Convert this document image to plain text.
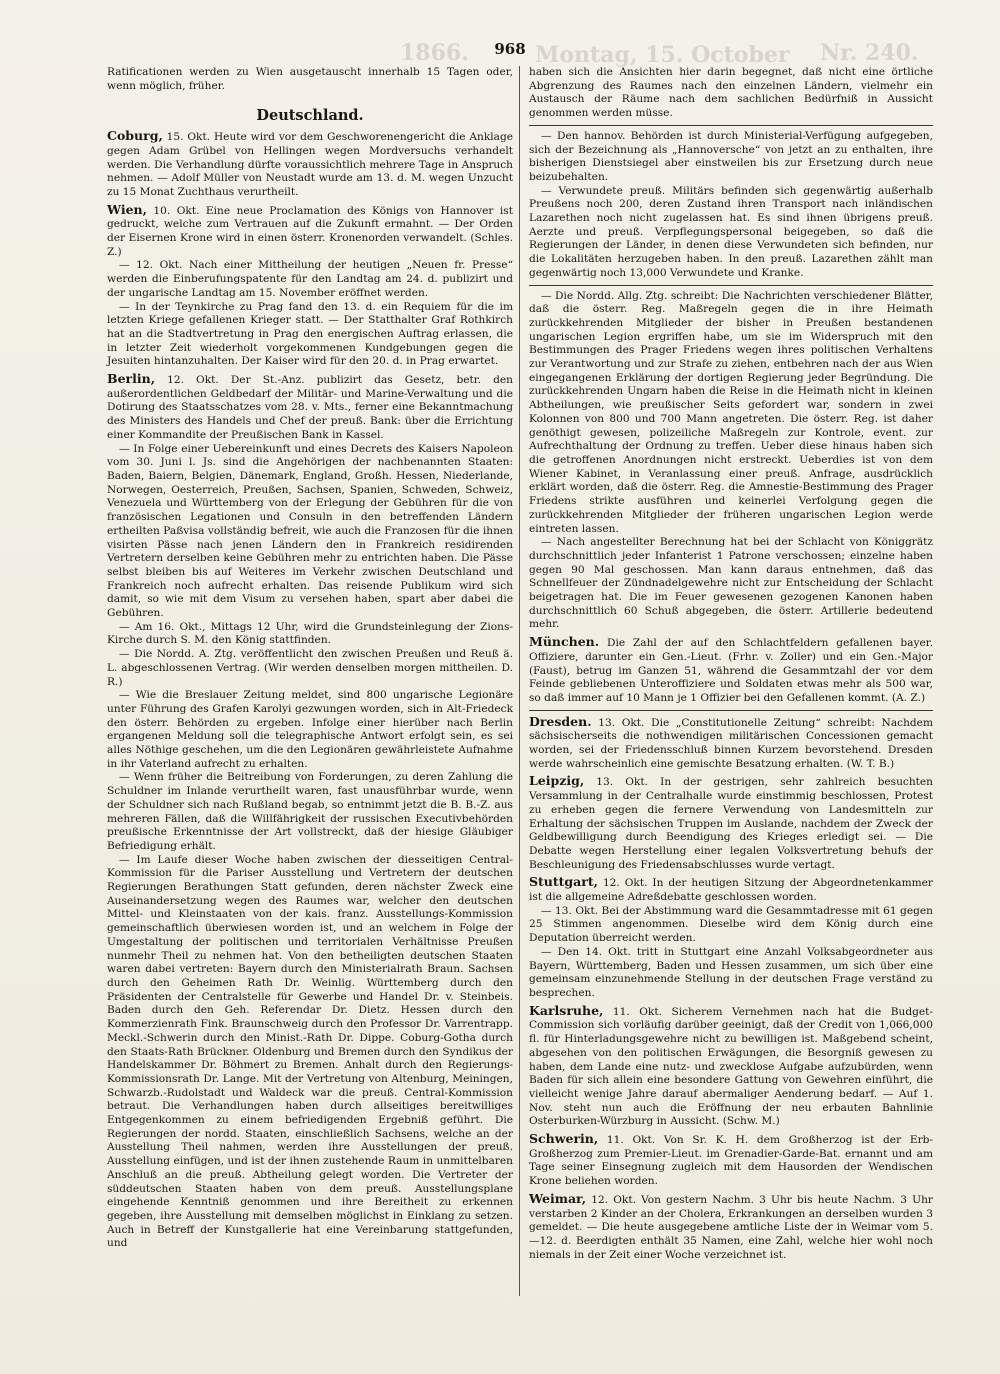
1866.	Montag, 15. October Nr. 240.
968

Ratificationen werden zu Wien ausgetauscht innerhalb 15 Tagen oder, wenn möglich, früher.

Deutschland.

Coburg, 15. Okt. Heute wird vor dem Geschworenengericht die Anklage gegen Adam Grübel von Hellingen wegen Mordversuchs verhandelt werden. Die Verhandlung dürfte voraussichtlich mehrere Tage in Anspruch nehmen. — Adolf Müller von Neustadt wurde am 13. d. M. wegen Unzucht zu 15 Monat Zuchthaus verurtheilt.

Wien, 10. Okt. Eine neue Proclamation des Königs von Hannover ist gedruckt, welche zum Vertrauen auf die Zukunft ermahnt. — Der Orden der Eisernen Krone wird in einen österr. Kronenorden verwandelt. (Schles. Z.)

— 12. Okt. Nach einer Mittheilung der heutigen „Neuen fr. Presse“ werden die Einberufungspatente für den Landtag am 24. d. publizirt und der ungarische Landtag am 15. November eröffnet werden.

— In der Teynkirche zu Prag fand den 13. d. ein Requiem für die im letzten Kriege gefallenen Krieger statt. — Der Statthalter Graf Rothkirch hat an die Stadtvertretung in Prag den energischen Auftrag erlassen, die in letzter Zeit wiederholt vorgekommenen Kundgebungen gegen die Jesuiten hintanzuhalten. Der Kaiser wird für den 20. d. in Prag erwartet.

Berlin, 12. Okt. Der St.-Anz. publizirt das Gesetz, betr. den außerordentlichen Geldbedarf der Militär- und Marine-Verwaltung und die Dotirung des Staatsschatzes vom 28. v. Mts., ferner eine Bekanntmachung des Ministers des Handels und Chef der preuß. Bank: über die Errichtung einer Kommandite der Preußischen Bank in Kassel.

— In Folge einer Uebereinkunft und eines Decrets des Kaisers Napoleon vom 30. Juni l. Js. sind die Angehörigen der nachbenannten Staaten: Baden, Baiern, Belgien, Dänemark, England, Großh. Hessen, Niederlande, Norwegen, Oesterreich, Preußen, Sachsen, Spanien, Schweden, Schweiz, Venezuela und Württemberg von der Erlegung der Gebühren für die von französischen Legationen und Consuln in den betreffenden Ländern ertheilten Paßvisa vollständig befreit, wie auch die Franzosen für die ihnen visirten Pässe nach jenen Ländern den in Frankreich residirenden Vertretern derselben keine Gebühren mehr zu entrichten haben. Die Pässe selbst bleiben bis auf Weiteres im Verkehr zwischen Deutschland und Frankreich noch aufrecht erhalten. Das reisende Publikum wird sich damit, so wie mit dem Visum zu versehen haben, spart aber dabei die Gebühren.

— Am 16. Okt., Mittags 12 Uhr, wird die Grundsteinlegung der Zions-Kirche durch S. M. den König stattfinden.

— Die Nordd. A. Ztg. veröffentlicht den zwischen Preußen und Reuß ä. L. abgeschlossenen Vertrag. (Wir werden denselben morgen mittheilen. D. R.)

— Wie die Breslauer Zeitung meldet, sind 800 ungarische Legionäre unter Führung des Grafen Karolyi gezwungen worden, sich in Alt-Friedeck den österr. Behörden zu ergeben. Infolge einer hierüber nach Berlin ergangenen Meldung soll die telegraphische Antwort erfolgt sein, es sei alles Nöthige geschehen, um die den Legionären gewährleistete Aufnahme in ihr Vaterland aufrecht zu erhalten.

— Wenn früher die Beitreibung von Forderungen, zu deren Zahlung die Schuldner im Inlande verurtheilt waren, fast unausführbar wurde, wenn der Schuldner sich nach Rußland begab, so entnimmt jetzt die B. B.-Z. aus mehreren Fällen, daß die Willfährigkeit der russischen Executivbehörden preußische Erkenntnisse der Art vollstreckt, daß der hiesige Gläubiger Befriedigung erhält.

— Im Laufe dieser Woche haben zwischen der diesseitigen Central-Kommission für die Pariser Ausstellung und Vertretern der deutschen Regierungen Berathungen Statt gefunden, deren nächster Zweck eine Auseinandersetzung wegen des Raumes war, welcher den deutschen Mittel- und Kleinstaaten von der kais. franz. Ausstellungs-Kommission gemeinschaftlich überwiesen worden ist, und an welchem in Folge der Umgestaltung der politischen und territorialen Verhältnisse Preußen nunmehr Theil zu nehmen hat. Von den betheiligten deutschen Staaten waren dabei vertreten: Bayern durch den Ministerialrath Braun. Sachsen durch den Geheimen Rath Dr. Weinlig. Württemberg durch den Präsidenten der Centralstelle für Gewerbe und Handel Dr. v. Steinbeis. Baden durch den Geh. Referendar Dr. Dietz. Hessen durch den Kommerzienrath Fink. Braunschweig durch den Professor Dr. Varrentrapp. Meckl.-Schwerin durch den Minist.-Rath Dr. Dippe. Coburg-Gotha durch den Staats-Rath Brückner. Oldenburg und Bremen durch den Syndikus der Handelskammer Dr. Böhmert zu Bremen. Anhalt durch den Regierungs-Kommissionsrath Dr. Lange. Mit der Vertretung von Altenburg, Meiningen, Schwarzb.-Rudolstadt und Waldeck war die preuß. Central-Kommission betraut. Die Verhandlungen haben durch allseitiges bereitwilliges Entgegenkommen zu einem befriedigenden Ergebniß geführt. Die Regierungen der nordd. Staaten, einschließlich Sachsens, welche an der Ausstellung Theil nahmen, werden ihre Ausstellungen der preuß. Ausstellung einfügen, und ist der ihnen zustehende Raum in unmittelbaren Anschluß an die preuß. Abtheilung gelegt worden. Die Vertreter der süddeutschen Staaten haben von dem preuß. Ausstellungsplane eingehende Kenntniß genommen und ihre Bereitheit zu erkennen gegeben, ihre Ausstellung mit demselben möglichst in Einklang zu setzen. Auch in Betreff der Kunstgallerie hat eine Vereinbarung stattgefunden, und

haben sich die Ansichten hier darin begegnet, daß nicht eine örtliche Abgrenzung des Raumes nach den einzelnen Ländern, vielmehr ein Austausch der Räume nach dem sachlichen Bedürfniß in Aussicht genommen werden müsse.

— Den hannov. Behörden ist durch Ministerial-Verfügung aufgegeben, sich der Bezeichnung als „Hannoversche“ von jetzt an zu enthalten, ihre bisherigen Dienstsiegel aber einstweilen bis zur Ersetzung durch neue beizubehalten.

— Verwundete preuß. Militärs befinden sich gegenwärtig außerhalb Preußens noch 200, deren Zustand ihren Transport nach inländischen Lazarethen noch nicht zugelassen hat. Es sind ihnen übrigens preuß. Aerzte und preuß. Verpflegungspersonal beigegeben, so daß die Regierungen der Länder, in denen diese Verwundeten sich befinden, nur die Lokalitäten herzugeben haben. In den preuß. Lazarethen zählt man gegenwärtig noch 13,000 Verwundete und Kranke.

— Die Nordd. Allg. Ztg. schreibt: Die Nachrichten verschiedener Blätter, daß die österr. Reg. Maßregeln gegen die in ihre Heimath zurückkehrenden Mitglieder der bisher in Preußen bestandenen ungarischen Legion ergriffen habe, um sie im Widerspruch mit den Bestimmungen des Prager Friedens wegen ihres politischen Verhaltens zur Verantwortung und zur Strafe zu ziehen, entbehren nach der aus Wien eingegangenen Erklärung der dortigen Regierung jeder Begründung. Die zurückkehrenden Ungarn haben die Reise in die Heimath nicht in kleinen Abtheilungen, wie preußischer Seits gefordert war, sondern in zwei Kolonnen von 800 und 700 Mann angetreten. Die österr. Reg. ist daher genöthigt gewesen, polizeiliche Maßregeln zur Kontrole, event. zur Aufrechthaltung der Ordnung zu treffen. Ueber diese hinaus haben sich die getroffenen Anordnungen nicht erstreckt. Ueberdies ist von dem Wiener Kabinet, in Veranlassung einer preuß. Anfrage, ausdrücklich erklärt worden, daß die österr. Reg. die Amnestie-Bestimmung des Prager Friedens strikte ausführen und keinerlei Verfolgung gegen die zurückkehrenden Mitglieder der früheren ungarischen Legion werde eintreten lassen.

— Nach angestellter Berechnung hat bei der Schlacht von Königgrätz durchschnittlich jeder Infanterist 1 Patrone verschossen; einzelne haben gegen 90 Mal geschossen. Man kann daraus entnehmen, daß das Schnellfeuer der Zündnadelgewehre nicht zur Entscheidung der Schlacht beigetragen hat. Die im Feuer gewesenen gezogenen Kanonen haben durchschnittlich 60 Schuß abgegeben, die österr. Artillerie bedeutend mehr.

München. Die Zahl der auf den Schlachtfeldern gefallenen bayer. Offiziere, darunter ein Gen.-Lieut. (Frhr. v. Zoller) und ein Gen.-Major (Faust), betrug im Ganzen 51, während die Gesammtzahl der vor dem Feinde gebliebenen Unteroffiziere und Soldaten etwas mehr als 500 war, so daß immer auf 10 Mann je 1 Offizier bei den Gefallenen kommt. (A. Z.)

Dresden. 13. Okt. Die „Constitutionelle Zeitung“ schreibt: Nachdem sächsischerseits die nothwendigen militärischen Concessionen gemacht worden, sei der Friedensschluß binnen Kurzem bevorstehend. Dresden werde wahrscheinlich eine gemischte Besatzung erhalten. (W. T. B.)

Leipzig, 13. Okt. In der gestrigen, sehr zahlreich besuchten Versammlung in der Centralhalle wurde einstimmig beschlossen, Protest zu erheben gegen die fernere Verwendung von Landesmitteln zur Erhaltung der sächsischen Truppen im Auslande, nachdem der Zweck der Geldbewilligung durch Beendigung des Krieges erledigt sei. — Die Debatte wegen Herstellung einer legalen Volksvertretung behufs der Beschleunigung des Friedensabschlusses wurde vertagt.

Stuttgart, 12. Okt. In der heutigen Sitzung der Abgeordnetenkammer ist die allgemeine Adreßdebatte geschlossen worden.

— 13. Okt. Bei der Abstimmung ward die Gesammtadresse mit 61 gegen 25 Stimmen angenommen. Dieselbe wird dem König durch eine Deputation überreicht werden.

— Den 14. Okt. tritt in Stuttgart eine Anzahl Volksabgeordneter aus Bayern, Württemberg, Baden und Hessen zusammen, um sich über eine gemeinsam einzunehmende Stellung in der deutschen Frage verständ zu besprechen.

Karlsruhe, 11. Okt. Sicherem Vernehmen nach hat die Budget-Commission sich vorläufig darüber geeinigt, daß der Credit von 1,066,000 fl. für Hinterladungsgewehre nicht zu bewilligen ist. Maßgebend scheint, abgesehen von den politischen Erwägungen, die Besorgniß gewesen zu haben, dem Lande eine nutz- und zwecklose Aufgabe aufzubürden, wenn Baden für sich allein eine besondere Gattung von Gewehren einführt, die vielleicht wenige Jahre darauf abermaliger Aenderung bedarf. — Auf 1. Nov. steht nun auch die Eröffnung der neu erbauten Bahnlinie Osterburken-Würzburg in Aussicht. (Schw. M.)

Schwerin, 11. Okt. Von Sr. K. H. dem Großherzog ist der Erb-Großherzog zum Premier-Lieut. im Grenadier-Garde-Bat. ernannt und am Tage seiner Einsegnung zugleich mit dem Hausorden der Wendischen Krone beliehen worden.

Weimar, 12. Okt. Von gestern Nachm. 3 Uhr bis heute Nachm. 3 Uhr verstarben 2 Kinder an der Cholera, Erkrankungen an derselben wurden 3 gemeldet. — Die heute ausgegebene amtliche Liste der in Weimar vom 5.—12. d. Beerdigten enthält 35 Namen, eine Zahl, welche hier wohl noch niemals in der Zeit einer Woche verzeichnet ist.
